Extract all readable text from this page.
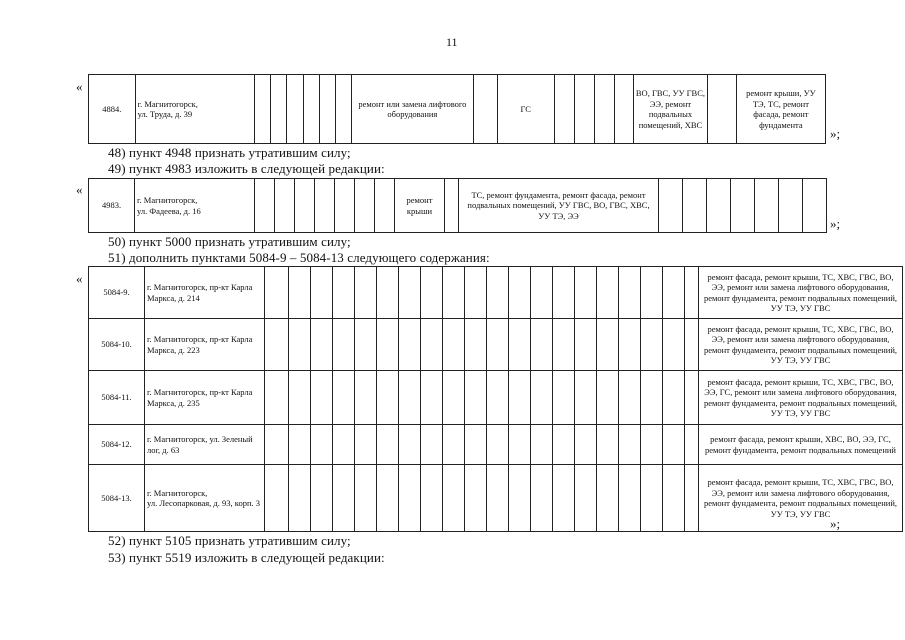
11
«
4884.	г. Магнитогорск,
ул. Труда, д. 39							ремонт или замена лифтового оборудования		ГС					ВО, ГВС, УУ ГВС, ЭЭ, ремонт подвальных помещений, ХВС		ремонт крыши, УУ ТЭ, ТС, ремонт фасада, ремонт фундамента
»;
48) пункт 4948 признать утратившим силу;
49) пункт 4983 изложить в следующей редакции:
«
4983.	г. Магнитогорск,
ул. Фадеева, д. 16								ремонт крыши		ТС, ремонт фундамента, ремонт фасада, ремонт подвальных помещений, УУ ГВС, ВО, ГВС, ХВС, УУ ТЭ, ЭЭ							
»;
50) пункт 5000 признать утратившим силу;
51) дополнить пунктами 5084-9 – 5084-13 следующего содержания:
«
5084-9.	г. Магнитогорск, пр-кт Карла Маркса, д. 214																					ремонт фасада, ремонт крыши, ТС, ХВС, ГВС, ВО, ЭЭ, ремонт или замена лифтового оборудования, ремонт фундамента, ремонт подвальных помещений, УУ ТЭ, УУ ГВС
5084-10.	г. Магнитогорск, пр-кт Карла Маркса, д. 223																					ремонт фасада, ремонт крыши, ТС, ХВС, ГВС, ВО, ЭЭ, ремонт или замена лифтового оборудования, ремонт фундамента, ремонт подвальных помещений, УУ ТЭ, УУ ГВС
5084-11.	г. Магнитогорск, пр-кт Карла Маркса, д. 235																					ремонт фасада, ремонт крыши, ТС, ХВС, ГВС, ВО, ЭЭ, ГС, ремонт или замена лифтового оборудования, ремонт фундамента, ремонт подвальных помещений, УУ ТЭ, УУ ГВС
5084-12.	г. Магнитогорск, ул. Зеленый лог, д. 63																					ремонт фасада, ремонт крыши, ХВС, ВО, ЭЭ, ГС, ремонт фундамента, ремонт подвальных помещений
5084-13.	г. Магнитогорск,
ул. Лесопарковая, д. 93, корп. 3																					ремонт фасада, ремонт крыши, ТС, ХВС, ГВС, ВО, ЭЭ, ремонт или замена лифтового оборудования, ремонт фундамента, ремонт подвальных помещений, УУ ТЭ, УУ ГВС
»;
52) пункт 5105 признать утратившим силу;
53) пункт 5519 изложить в следующей редакции:
